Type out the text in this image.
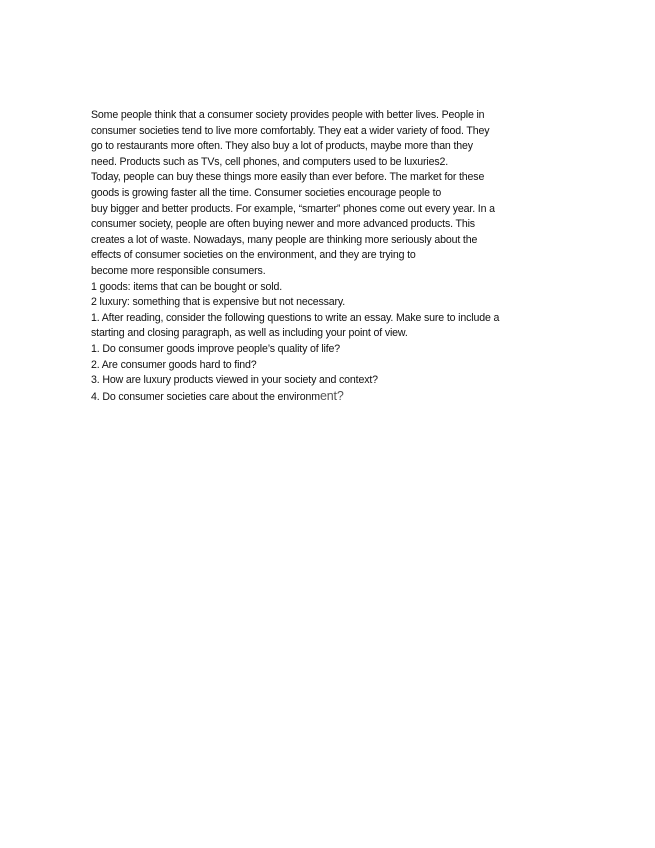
Some people think that a consumer society provides people with better lives. People in
consumer societies tend to live more comfortably. They eat a wider variety of food. They
go to restaurants more often. They also buy a lot of products, maybe more than they
need. Products such as TVs, cell phones, and computers used to be luxuries2.
Today, people can buy these things more easily than ever before. The market for these
goods is growing faster all the time. Consumer societies encourage people to
buy bigger and better products. For example, “smarter” phones come out every year. In a
consumer society, people are often buying newer and more advanced products. This
creates a lot of waste. Nowadays, many people are thinking more seriously about the
effects of consumer societies on the environment, and they are trying to
become more responsible consumers.
1 goods: items that can be bought or sold.
2 luxury: something that is expensive but not necessary.
1. After reading, consider the following questions to write an essay. Make sure to include a
starting and closing paragraph, as well as including your point of view.
1. Do consumer goods improve people’s quality of life?
2. Are consumer goods hard to find?
3. How are luxury products viewed in your society and context?
4. Do consumer societies care about the environment?
